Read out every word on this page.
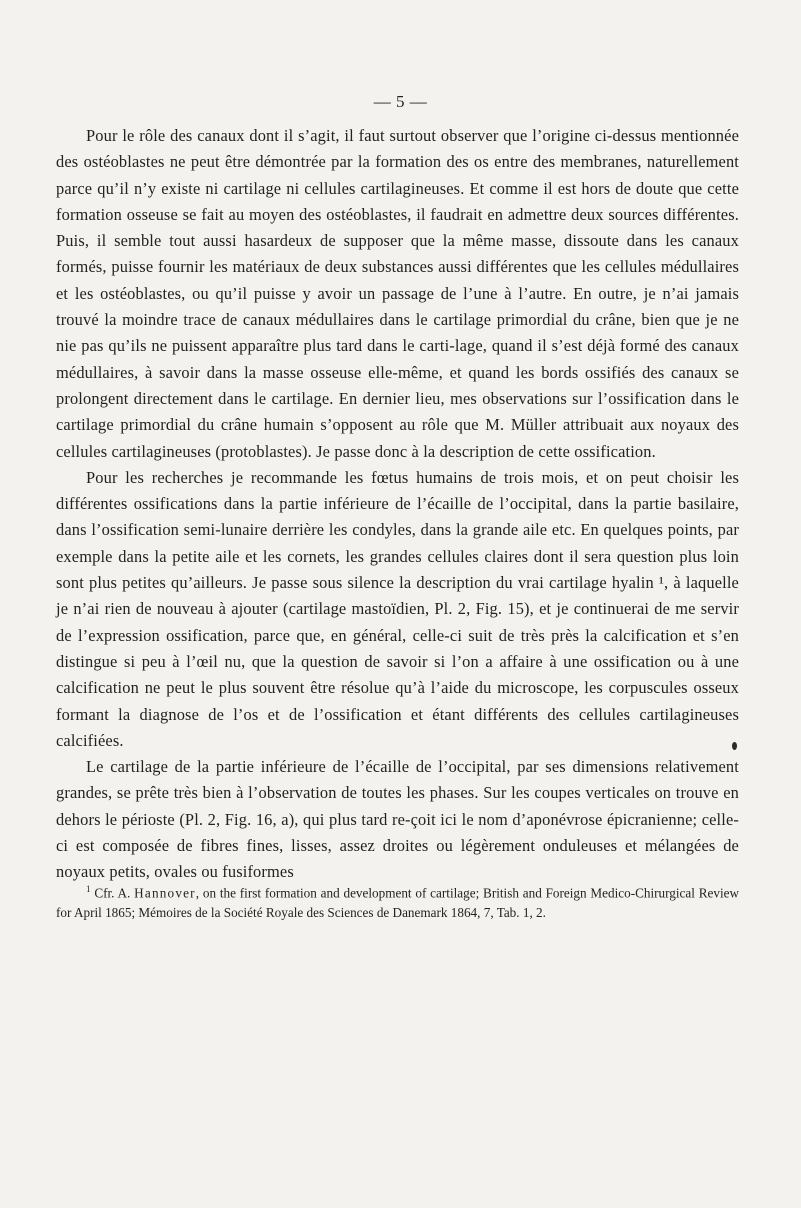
— 5 —

Pour le rôle des canaux dont il s’agit, il faut surtout observer que l’origine ci-dessus mentionnée des ostéoblastes ne peut être démontrée par la formation des os entre des membranes, naturellement parce qu’il n’y existe ni cartilage ni cellules cartilagineuses. Et comme il est hors de doute que cette formation osseuse se fait au moyen des ostéoblastes, il faudrait en admettre deux sources différentes. Puis, il semble tout aussi hasardeux de supposer que la même masse, dissoute dans les canaux formés, puisse fournir les matériaux de deux substances aussi différentes que les cellules médullaires et les ostéoblastes, ou qu’il puisse y avoir un passage de l’une à l’autre. En outre, je n’ai jamais trouvé la moindre trace de canaux médullaires dans le cartilage primordial du crâne, bien que je ne nie pas qu’ils ne puissent apparaître plus tard dans le carti-lage, quand il s’est déjà formé des canaux médullaires, à savoir dans la masse osseuse elle-même, et quand les bords ossifiés des canaux se prolongent directement dans le cartilage. En dernier lieu, mes observations sur l’ossification dans le cartilage primordial du crâne humain s’opposent au rôle que M. Müller attribuait aux noyaux des cellules cartilagineuses (protoblastes). Je passe donc à la description de cette ossification.

Pour les recherches je recommande les fœtus humains de trois mois, et on peut choisir les différentes ossifications dans la partie inférieure de l’écaille de l’occipital, dans la partie basilaire, dans l’ossification semi-lunaire derrière les condyles, dans la grande aile etc. En quelques points, par exemple dans la petite aile et les cornets, les grandes cellules claires dont il sera question plus loin sont plus petites qu’ailleurs. Je passe sous silence la description du vrai cartilage hyalin ¹, à laquelle je n’ai rien de nouveau à ajouter (cartilage mastoïdien, Pl. 2, Fig. 15), et je continuerai de me servir de l’expression ossification, parce que, en général, celle-ci suit de très près la calcification et s’en distingue si peu à l’œil nu, que la question de savoir si l’on a affaire à une ossification ou à une calcification ne peut le plus souvent être résolue qu’à l’aide du microscope, les corpuscules osseux formant la diagnose de l’os et de l’ossification et étant différents des cellules cartilagineuses calcifiées.

Le cartilage de la partie inférieure de l’écaille de l’occipital, par ses dimensions relativement grandes, se prête très bien à l’observation de toutes les phases. Sur les coupes verticales on trouve en dehors le périoste (Pl. 2, Fig. 16, a), qui plus tard re-çoit ici le nom d’aponévrose épicranienne; celle-ci est composée de fibres fines, lisses, assez droites ou légèrement onduleuses et mélangées de noyaux petits, ovales ou fusiformes

$^1$ Cfr. A. Hannover, on the first formation and development of cartilage; British and Foreign Medico-Chirurgical Review for April 1865; Mémoires de la Société Royale des Sciences de Danemark 1864, 7, Tab. 1, 2.
